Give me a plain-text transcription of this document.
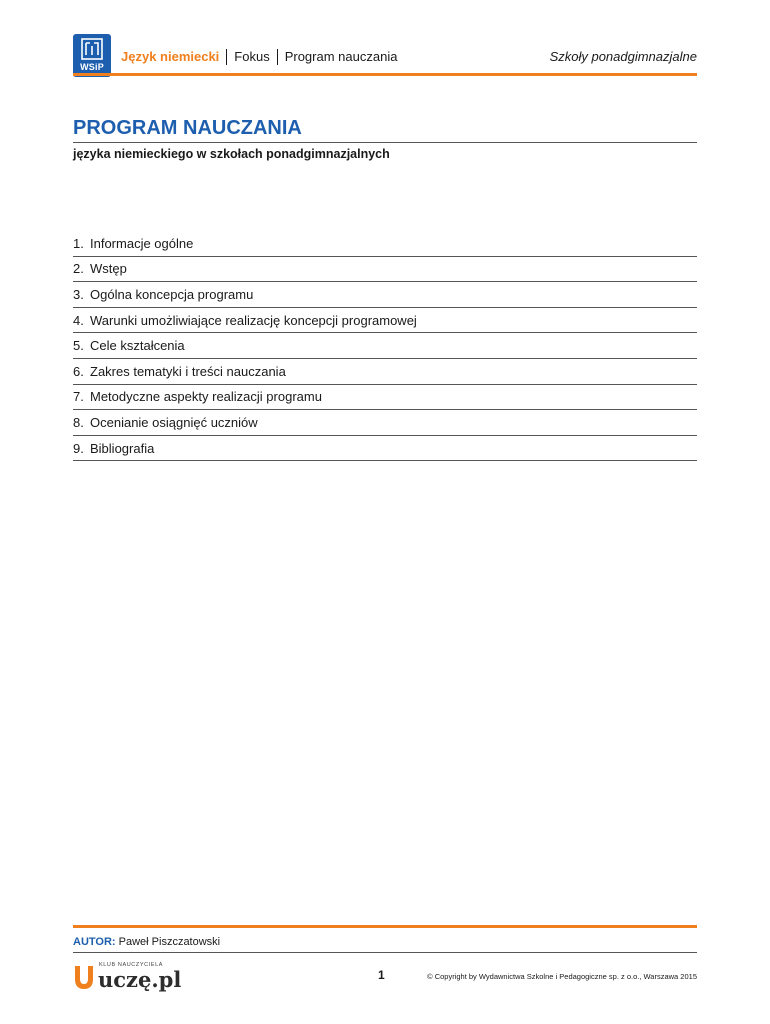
WSiP
Język niemiecki Fokus Program nauczania	Szkoły ponadgimnazjalne
PROGRAM NAUCZANIA
języka niemieckiego w szkołach ponadgimnazjalnych
1. Informacje ogólne
2. Wstęp
3. Ogólna koncepcja programu
4. Warunki umożliwiające realizację koncepcji programowej
5. Cele kształcenia
6. Zakres tematyki i treści nauczania
7. Metodyczne aspekty realizacji programu
8. Ocenianie osiągnięć uczniów
9. Bibliografia
AUTOR: Paweł Piszczatowski
KLUB NAUCZYCIELA
uczę.pl	1	© Copyright by Wydawnictwa Szkolne i Pedagogiczne sp. z o.o., Warszawa 2015
